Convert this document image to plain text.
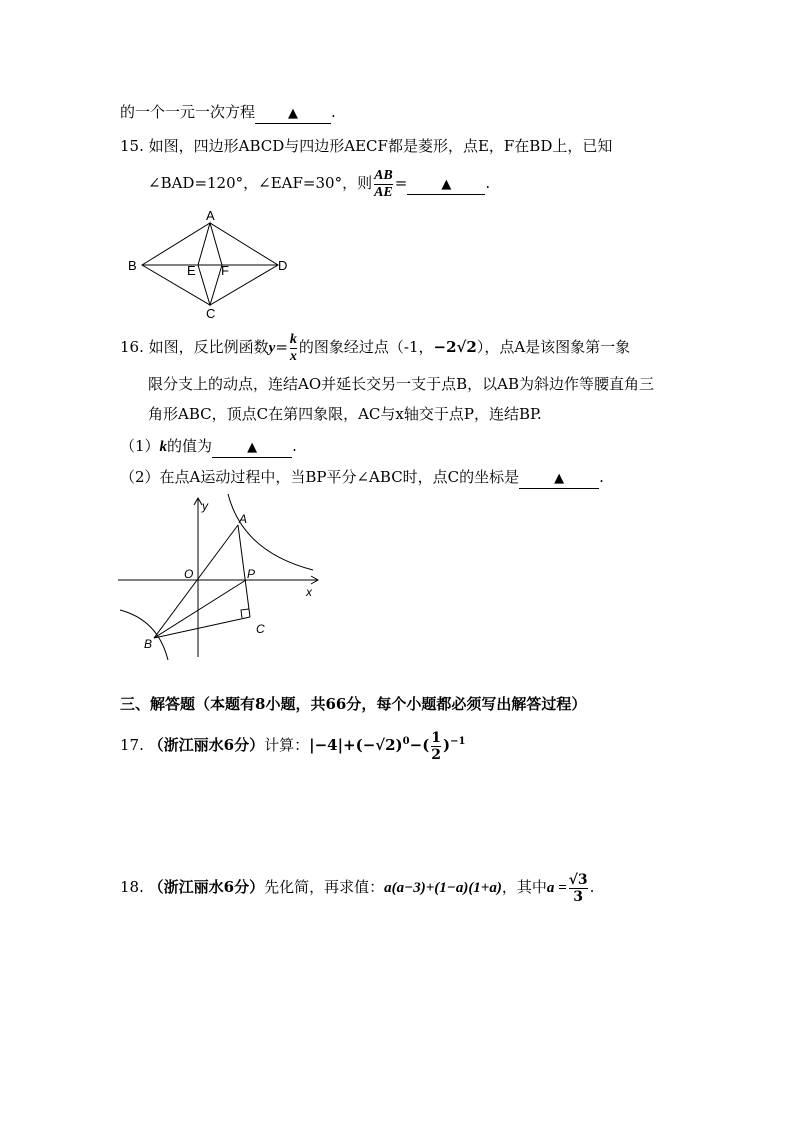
的一个一元一次方程	▲ .
15. 如图，四边形ABCD与四边形AECF都是菱形，点E，F在BD上，已知
∠BAD=120°，∠EAF=30°，则 $\frac{AB}{AE}$ =	▲ .
A
B
C
D
E F
16. 如图，反比例函数$y= \frac{k}{x}$ 的图象经过点（-1，−2√2），点A是该图象第一象
限分支上的动点，连结AO并延长交另一支于点B，以AB为斜边作等腰直角三
角形ABC，顶点C在第四象限，AC与x轴交于点P，连结BP.
（1）k的值为	▲ .
（2）在点A运动过程中，当BP平分∠ABC时，点C的坐标是	▲ .
y
x
O
A
P
B
C
三、解答题（本题有8小题，共66分，每个小题都必须写出解答过程）
17. （浙江丽水6分）计算：$|-4|+(-√2)^0-( \frac{1}{2} )^{-1}$
18. （浙江丽水6分）先化简，再求值：a(a−3)+(1−a)(1+a)，其中$a = \frac{√3}{3}$ .
